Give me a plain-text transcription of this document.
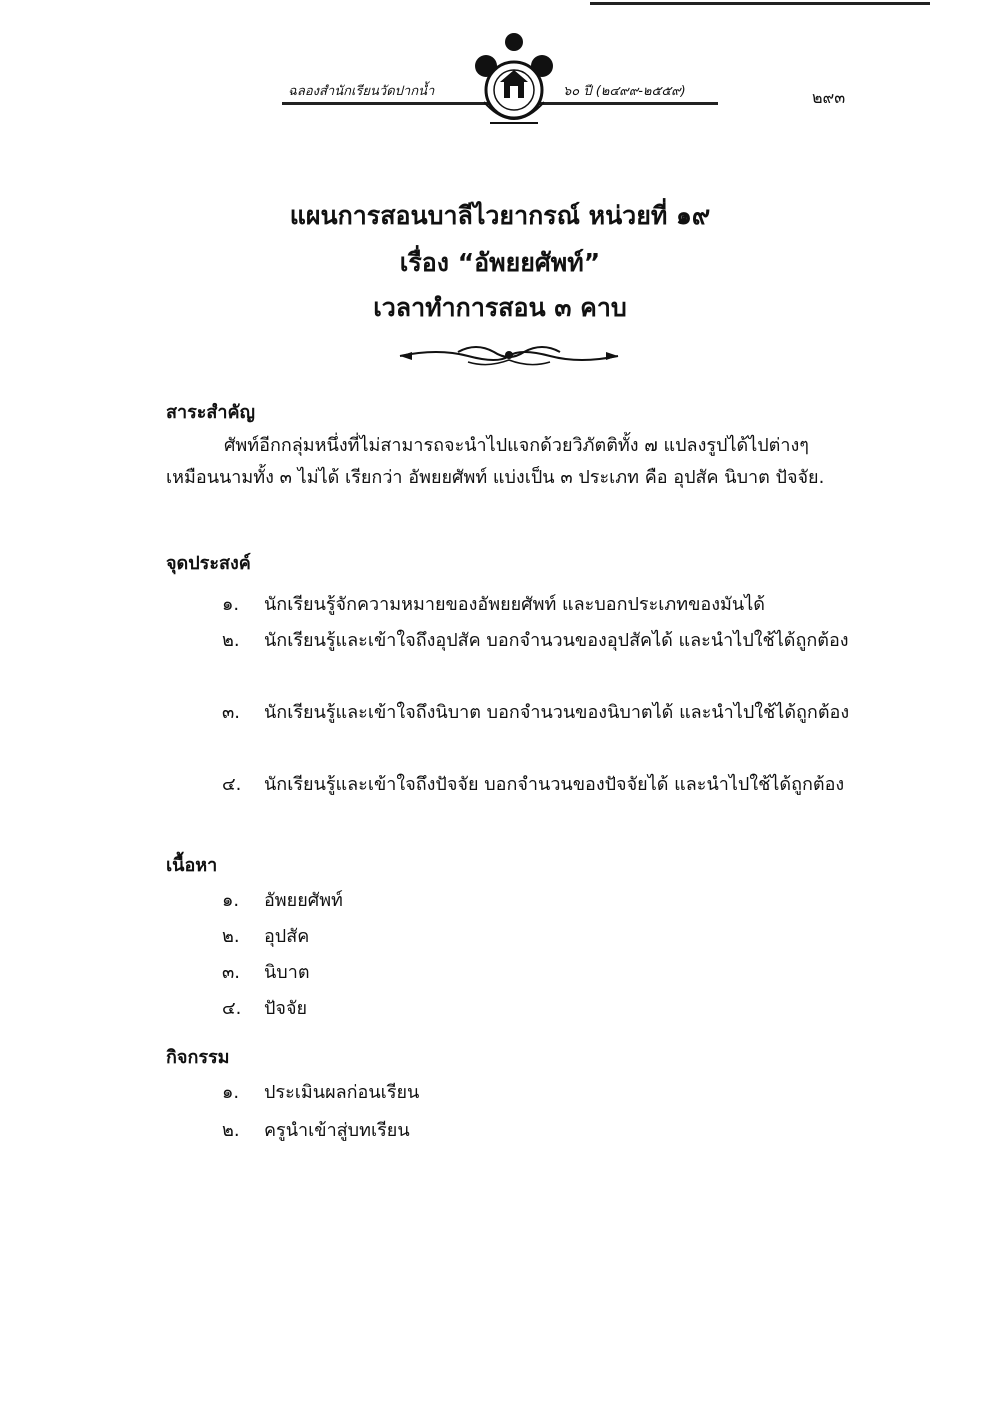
ฉลองสำนักเรียนวัดปากน้ำ	๖๐ ปี (๒๔๙๙-๒๕๕๙)	๒๙๓
แผนการสอนบาลีไวยากรณ์ หน่วยที่ ๑๙
เรื่อง “อัพยยศัพท์”
เวลาทำการสอน ๓ คาบ
สาระสำคัญ
ศัพท์อีกกลุ่มหนึ่งที่ไม่สามารถจะนำไปแจกด้วยวิภัตติทั้ง ๗ แปลงรูปได้ไปต่างๆ เหมือนนามทั้ง ๓ ไม่ได้ เรียกว่า อัพยยศัพท์ แบ่งเป็น ๓ ประเภท คือ อุปสัค นิบาต ปัจจัย.
จุดประสงค์
๑.	นักเรียนรู้จักความหมายของอัพยยศัพท์ และบอกประเภทของมันได้
๒.	นักเรียนรู้และเข้าใจถึงอุปสัค บอกจำนวนของอุปสัคได้ และนำไปใช้ได้ถูกต้อง
๓.	นักเรียนรู้และเข้าใจถึงนิบาต บอกจำนวนของนิบาตได้ และนำไปใช้ได้ถูกต้อง
๔.	นักเรียนรู้และเข้าใจถึงปัจจัย บอกจำนวนของปัจจัยได้ และนำไปใช้ได้ถูกต้อง
เนื้อหา
๑.	อัพยยศัพท์
๒.	อุปสัค
๓.	นิบาต
๔.	ปัจจัย
กิจกรรม
๑.	ประเมินผลก่อนเรียน
๒.	ครูนำเข้าสู่บทเรียน
